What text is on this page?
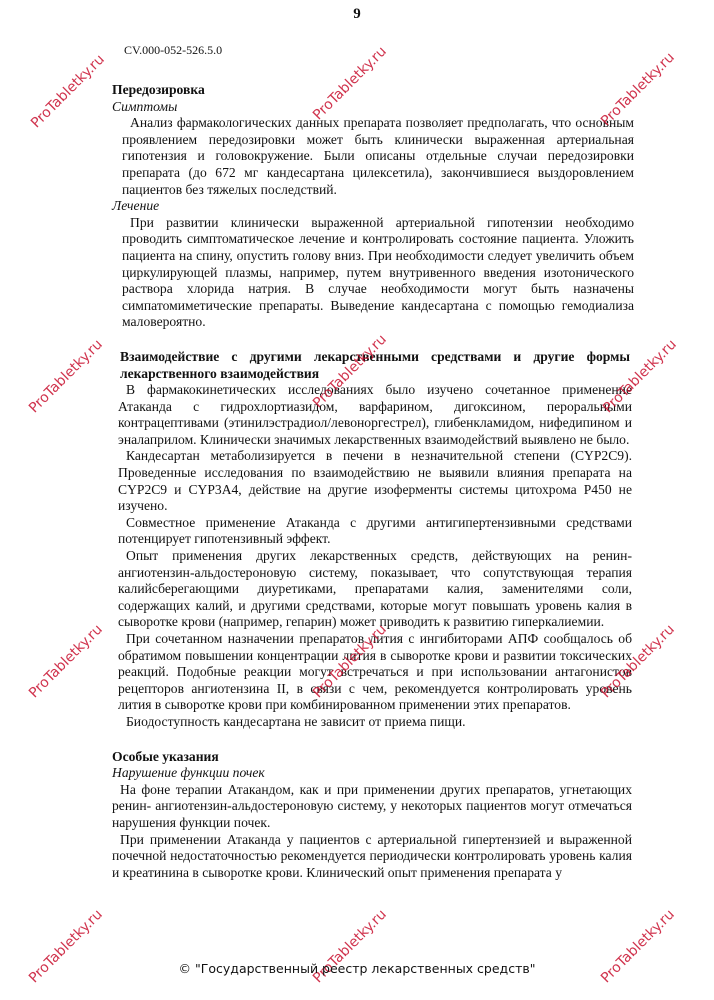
9
CV.000-052-526.5.0
Передозировка
Симптомы

Анализ фармакологических данных препарата позволяет предполагать, что основным проявлением передозировки может быть клинически выраженная артериальная гипотензия и головокружение. Были описаны отдельные случаи передозировки препарата (до 672 мг кандесартана цилексетила), закончившиеся выздоровлением пациентов без тяжелых последствий.

Лечение

При развитии клинически выраженной артериальной гипотензии необходимо проводить симптоматическое лечение и контролировать состояние пациента. Уложить пациента на спину, опустить голову вниз. При необходимости следует увеличить объем циркулирующей плазмы, например, путем внутривенного введения изотонического раствора хлорида натрия. В случае необходимости могут быть назначены симпатомиметические препараты. Выведение кандесартана с помощью гемодиализа маловероятно.

Взаимодействие с другими лекарственными средствами и другие формы лекарственного взаимодействия

В фармакокинетических исследованиях было изучено сочетанное применение Атаканда с гидрохлортиазидом, варфарином, дигоксином, пероральными контрацептивами (этинилэстрадиол/левоноргестрел), глибенкламидом, нифедипином и эналаприлом. Клинически значимых лекарственных взаимодействий выявлено не было.

Кандесартан метаболизируется в печени в незначительной степени (CYP2C9). Проведенные исследования по взаимодействию не выявили влияния препарата на CYP2C9 и CYP3A4, действие на другие изоферменты системы цитохрома P450 не изучено.

Совместное применение Атаканда с другими антигипертензивными средствами потенцирует гипотензивный эффект.

Опыт применения других лекарственных средств, действующих на ренин-ангиотензин-альдостероновую систему, показывает, что сопутствующая терапия калийсберегающими диуретиками, препаратами калия, заменителями соли, содержащих калий, и другими средствами, которые могут повышать уровень калия в сыворотке крови (например, гепарин) может приводить к развитию гиперкалиемии.

При сочетанном назначении препаратов лития с ингибиторами АПФ сообщалось об обратимом повышении концентрации лития в сыворотке крови и развитии токсических реакций. Подобные реакции могут встречаться и при использовании антагонистов рецепторов ангиотензина II, в связи с чем, рекомендуется контролировать уровень лития в сыворотке крови при комбинированном применении этих препаратов.

Биодоступность кандесартана не зависит от приема пищи.

Особые указания
Нарушение функции почек

На фоне терапии Атакандом, как и при применении других препаратов, угнетающих ренин- ангиотензин-альдостероновую систему, у некоторых пациентов могут отмечаться нарушения функции почек.

При применении Атаканда у пациентов с артериальной гипертензией и выраженной почечной недостаточностью рекомендуется периодически контролировать уровень калия и креатинина в сыворотке крови. Клинический опыт применения препарата у

ProTabletky.ru	ProTabletky.ru	ProTabletky.ru
ProTabletky.ru	ProTabletky.ru	ProTabletky.ru
ProTabletky.ru	ProTabletky.ru	ProTabletky.ru
ProTabletky.ru	ProTabletky.ru	ProTabletky.ru
© "Государственный реестр лекарственных средств"
